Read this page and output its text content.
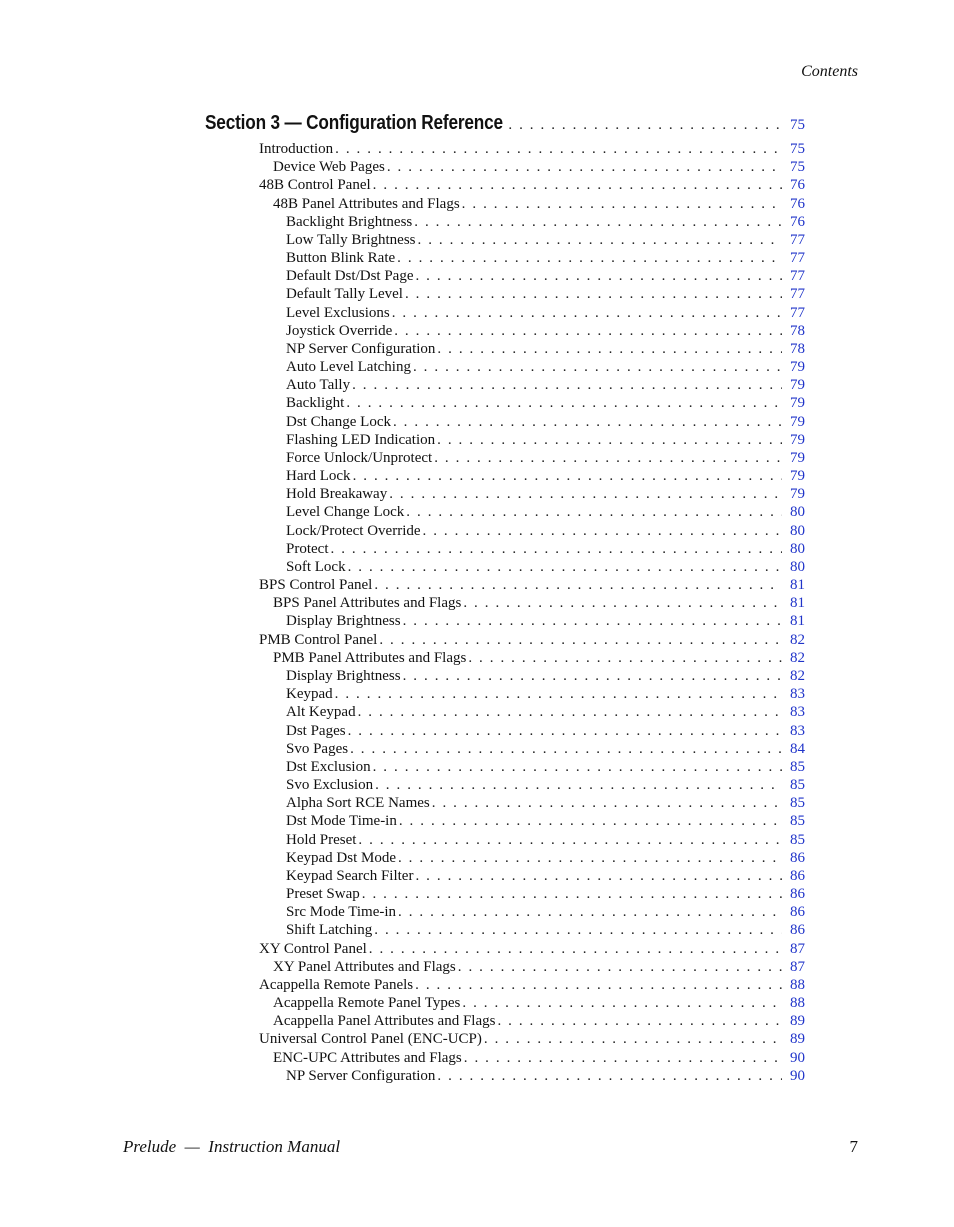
Contents
Section 3 — Configuration Reference . . .	75
Introduction . . .	75
Device Web Pages . . .	75
48B Control Panel . . .	76
48B Panel Attributes and Flags . . .	76
Backlight Brightness . . .	76
Low Tally Brightness . . .	77
Button Blink Rate . . .	77
Default Dst/Dst Page . . .	77
Default Tally Level . . .	77
Level Exclusions . . .	77
Joystick Override . . .	78
NP Server Configuration . . .	78
Auto Level Latching . . .	79
Auto Tally . . .	79
Backlight . . .	79
Dst Change Lock . . .	79
Flashing LED Indication . . .	79
Force Unlock/Unprotect . . .	79
Hard Lock . . .	79
Hold Breakaway . . .	79
Level Change Lock . . .	80
Lock/Protect Override . . .	80
Protect . . .	80
Soft Lock . . .	80
BPS Control Panel . . .	81
BPS Panel Attributes and Flags . . .	81
Display Brightness . . .	81
PMB Control Panel . . .	82
PMB Panel Attributes and Flags . . .	82
Display Brightness . . .	82
Keypad . . .	83
Alt Keypad . . .	83
Dst Pages . . .	83
Svo Pages . . .	84
Dst Exclusion . . .	85
Svo Exclusion . . .	85
Alpha Sort RCE Names . . .	85
Dst Mode Time-in . . .	85
Hold Preset . . .	85
Keypad Dst Mode . . .	86
Keypad Search Filter . . .	86
Preset Swap . . .	86
Src Mode Time-in . . .	86
Shift Latching . . .	86
XY Control Panel . . .	87
XY Panel Attributes and Flags . . .	87
Acappella Remote Panels . . .	88
Acappella Remote Panel Types . . .	88
Acappella Panel Attributes and Flags . . .	89
Universal Control Panel (ENC-UCP) . . .	89
ENC-UPC Attributes and Flags . . .	90
NP Server Configuration . . .	90
Prelude  —  Instruction Manual	7
